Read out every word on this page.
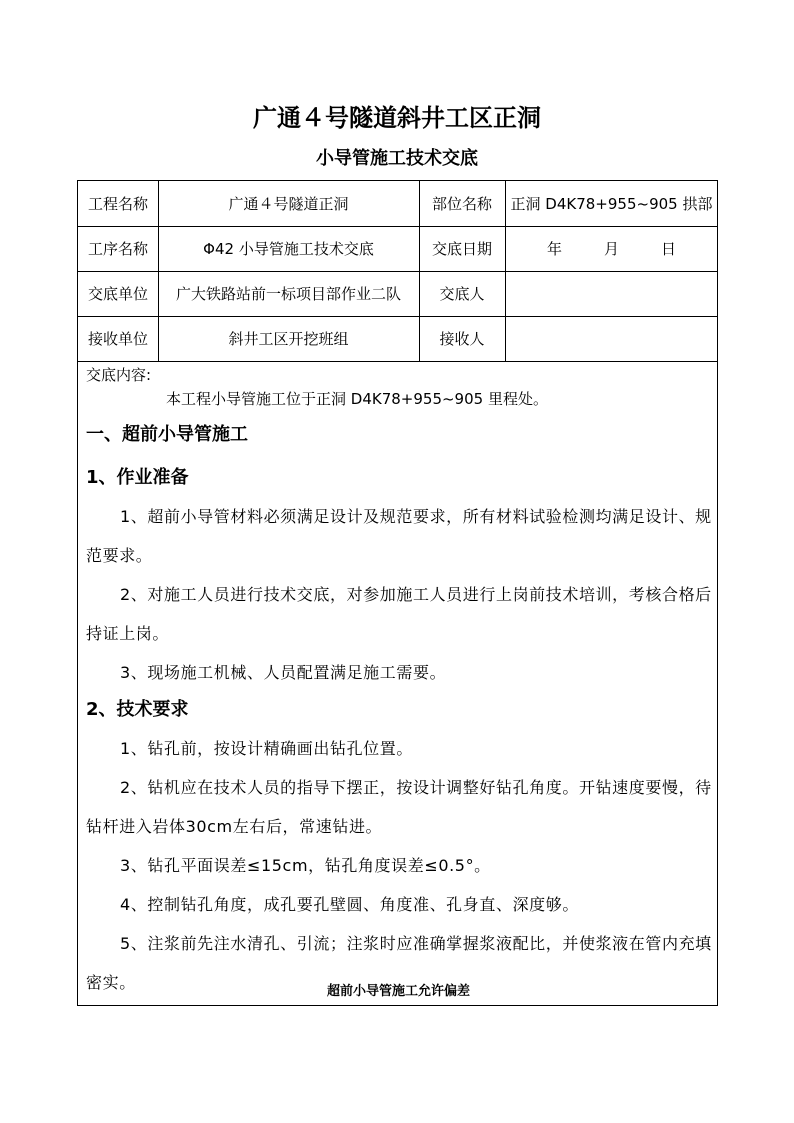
广通４号隧道斜井工区正洞
小导管施工技术交底
工程名称	广通４号隧道正洞	部位名称	正洞 D4K78+955~905 拱部
工序名称	Φ42 小导管施工技术交底	交底日期	年	月	日
交底单位	广大铁路站前一标项目部作业二队	交底人
接收单位	斜井工区开挖班组	接收人
交底内容:
本工程小导管施工位于正洞 D4K78+955~905 里程处。
一、超前小导管施工
1、作业准备
1、超前小导管材料必须满足设计及规范要求，所有材料试验检测均满足设计、规范要求。
2、对施工人员进行技术交底，对参加施工人员进行上岗前技术培训，考核合格后持证上岗。
3、现场施工机械、人员配置满足施工需要。
2、技术要求
1、钻孔前，按设计精确画出钻孔位置。
2、钻机应在技术人员的指导下摆正，按设计调整好钻孔角度。开钻速度要慢，待钻杆进入岩体30cm左右后，常速钻进。
3、钻孔平面误差≤15cm，钻孔角度误差≤0.5°。
4、控制钻孔角度，成孔要孔壁圆、角度准、孔身直、深度够。
5、注浆前先注水清孔、引流；注浆时应准确掌握浆液配比，并使浆液在管内充填密实。	超前小导管施工允许偏差
